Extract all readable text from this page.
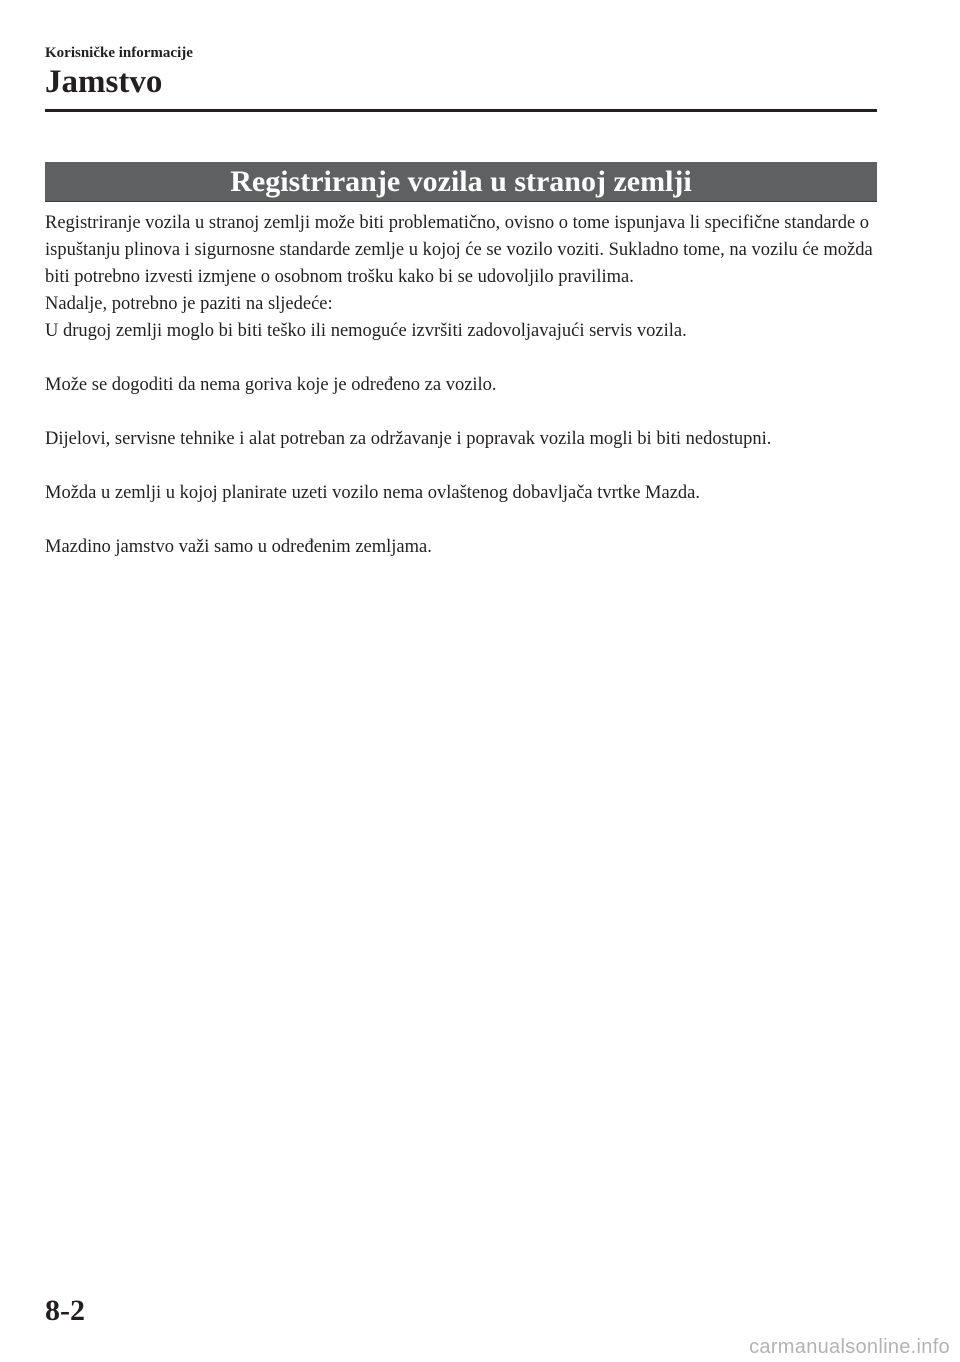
Korisničke informacije
Jamstvo
Registriranje vozila u stranoj zemlji

Registriranje vozila u stranoj zemlji može biti problematično, ovisno o tome ispunjava li specifične standarde o ispuštanju plinova i sigurnosne standarde zemlje u kojoj će se vozilo voziti. Sukladno tome, na vozilu će možda biti potrebno izvesti izmjene o osobnom trošku kako bi se udovoljilo pravilima.

Nadalje, potrebno je paziti na sljedeće:

U drugoj zemlji moglo bi biti teško ili nemoguće izvršiti zadovoljavajući servis vozila.

Može se dogoditi da nema goriva koje je određeno za vozilo.

Dijelovi, servisne tehnike i alat potreban za održavanje i popravak vozila mogli bi biti nedostupni.

Možda u zemlji u kojoj planirate uzeti vozilo nema ovlaštenog dobavljača tvrtke Mazda.

Mazdino jamstvo važi samo u određenim zemljama.

8-2
carmanualsonline.info
